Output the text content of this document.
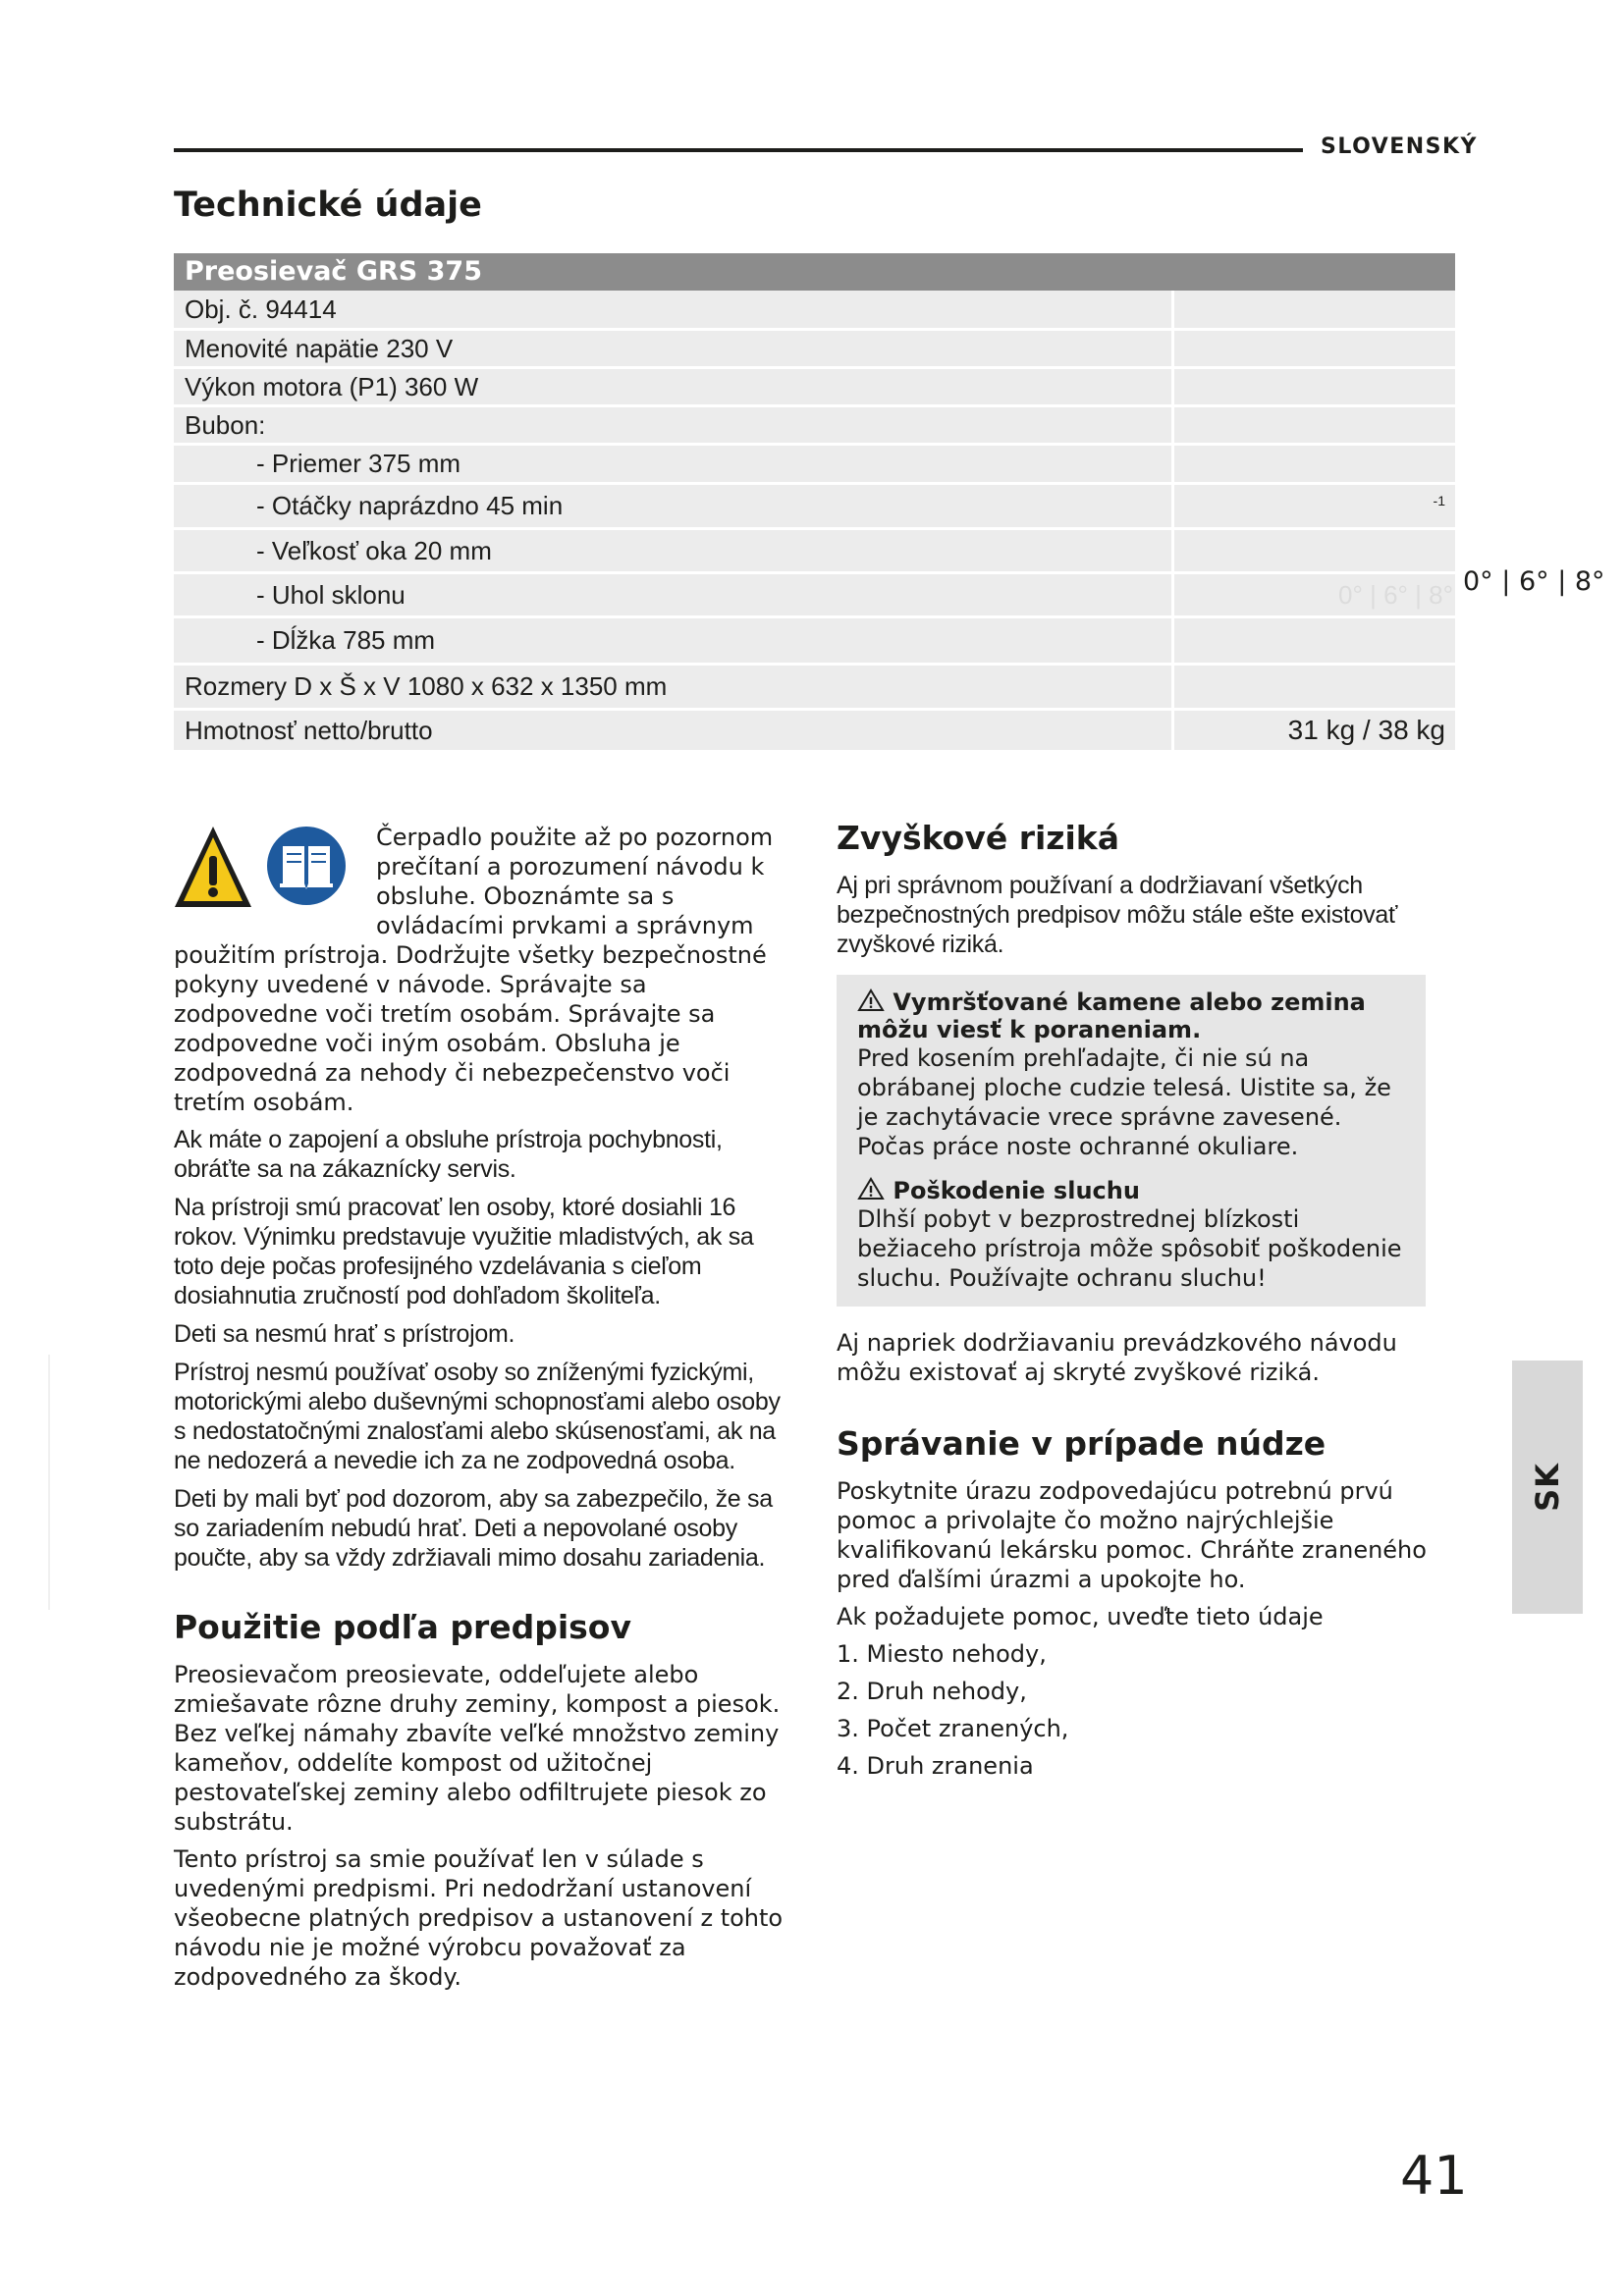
SLOVENSKÝ
Technické údaje
Preosievač GRS 375
Obj. č. 94414
Menovité napätie 230 V
Výkon motora (P1) 360 W
Bubon:
- Priemer 375 mm
- Otáčky naprázdno 45 min	-1
- Veľkosť oka 20 mm
- Uhol sklonu	0° | 6° | 8°
- Dĺžka 785 mm
Rozmery D x Š x V 1080 x 632 x 1350 mm
Hmotnosť netto/brutto	31 kg / 38 kg
0° | 6° | 8°

Čerpadlo použite až po pozornom prečítaní a porozumení návodu k obsluhe. Oboznámte sa s ovládacími prvkami a správnym použitím prístroja. Dodržujte všetky bezpečnostné pokyny uvedené v návode. Správajte sa zodpovedne voči tretím osobám. Správajte sa zodpovedne voči iným osobám. Obsluha je zodpovedná za nehody či nebezpečenstvo voči tretím osobám.

Ak máte o zapojení a obsluhe prístroja pochybnosti, obráťte sa na zákaznícky servis.

Na prístroji smú pracovať len osoby, ktoré dosiahli 16 rokov. Výnimku predstavuje využitie mladistvých, ak sa toto deje počas profesijného vzdelávania s cieľom dosiahnutia zručností pod dohľadom školiteľa.

Deti sa nesmú hrať s prístrojom.

Prístroj nesmú používať osoby so zníženými fyzickými, motorickými alebo duševnými schopnosťami alebo osoby s nedostatočnými znalosťami alebo skúsenosťami, ak na ne nedozerá a nevedie ich za ne zodpovedná osoba.

Deti by mali byť pod dozorom, aby sa zabezpečilo, že sa so zariadením nebudú hrať. Deti a nepovolané osoby poučte, aby sa vždy zdržiavali mimo dosahu zariadenia.

Použitie podľa predpisov

Preosievačom preosievate, oddeľujete alebo zmiešavate rôzne druhy zeminy, kompost a piesok. Bez veľkej námahy zbavíte veľké množstvo zeminy kameňov, oddelíte kompost od užitočnej pestovateľskej zeminy alebo odfiltrujete piesok zo substrátu.

Tento prístroj sa smie používať len v súlade s uvedenými predpismi. Pri nedodržaní ustanovení všeobecne platných predpisov a ustanovení z tohto návodu nie je možné výrobcu považovať za zodpovedného za škody.

Zvyškové riziká

Aj pri správnom používaní a dodržiavaní všetkých bezpečnostných predpisov môžu stále ešte existovať zvyškové riziká.

Vymršťované kamene alebo zemina môžu viesť k poraneniam.

Pred kosením prehľadajte, či nie sú na obrábanej ploche cudzie telesá. Uistite sa, že je zachytávacie vrece správne zavesené. Počas práce noste ochranné okuliare.

Poškodenie sluchu

Dlhší pobyt v bezprostrednej blízkosti bežiaceho prístroja môže spôsobiť poškodenie sluchu. Používajte ochranu sluchu!

Aj napriek dodržiavaniu prevádzkového návodu môžu existovať aj skryté zvyškové riziká.

Správanie v prípade núdze

Poskytnite úrazu zodpovedajúcu potrebnú prvú pomoc a privolajte čo možno najrýchlejšie kvalifikovanú lekársku pomoc. Chráňte zraneného pred ďalšími úrazmi a upokojte ho.

Ak požadujete pomoc, uveďte tieto údaje

1. Miesto nehody,

2. Druh nehody,

3. Počet zranených,

4. Druh zranenia

SK
41
